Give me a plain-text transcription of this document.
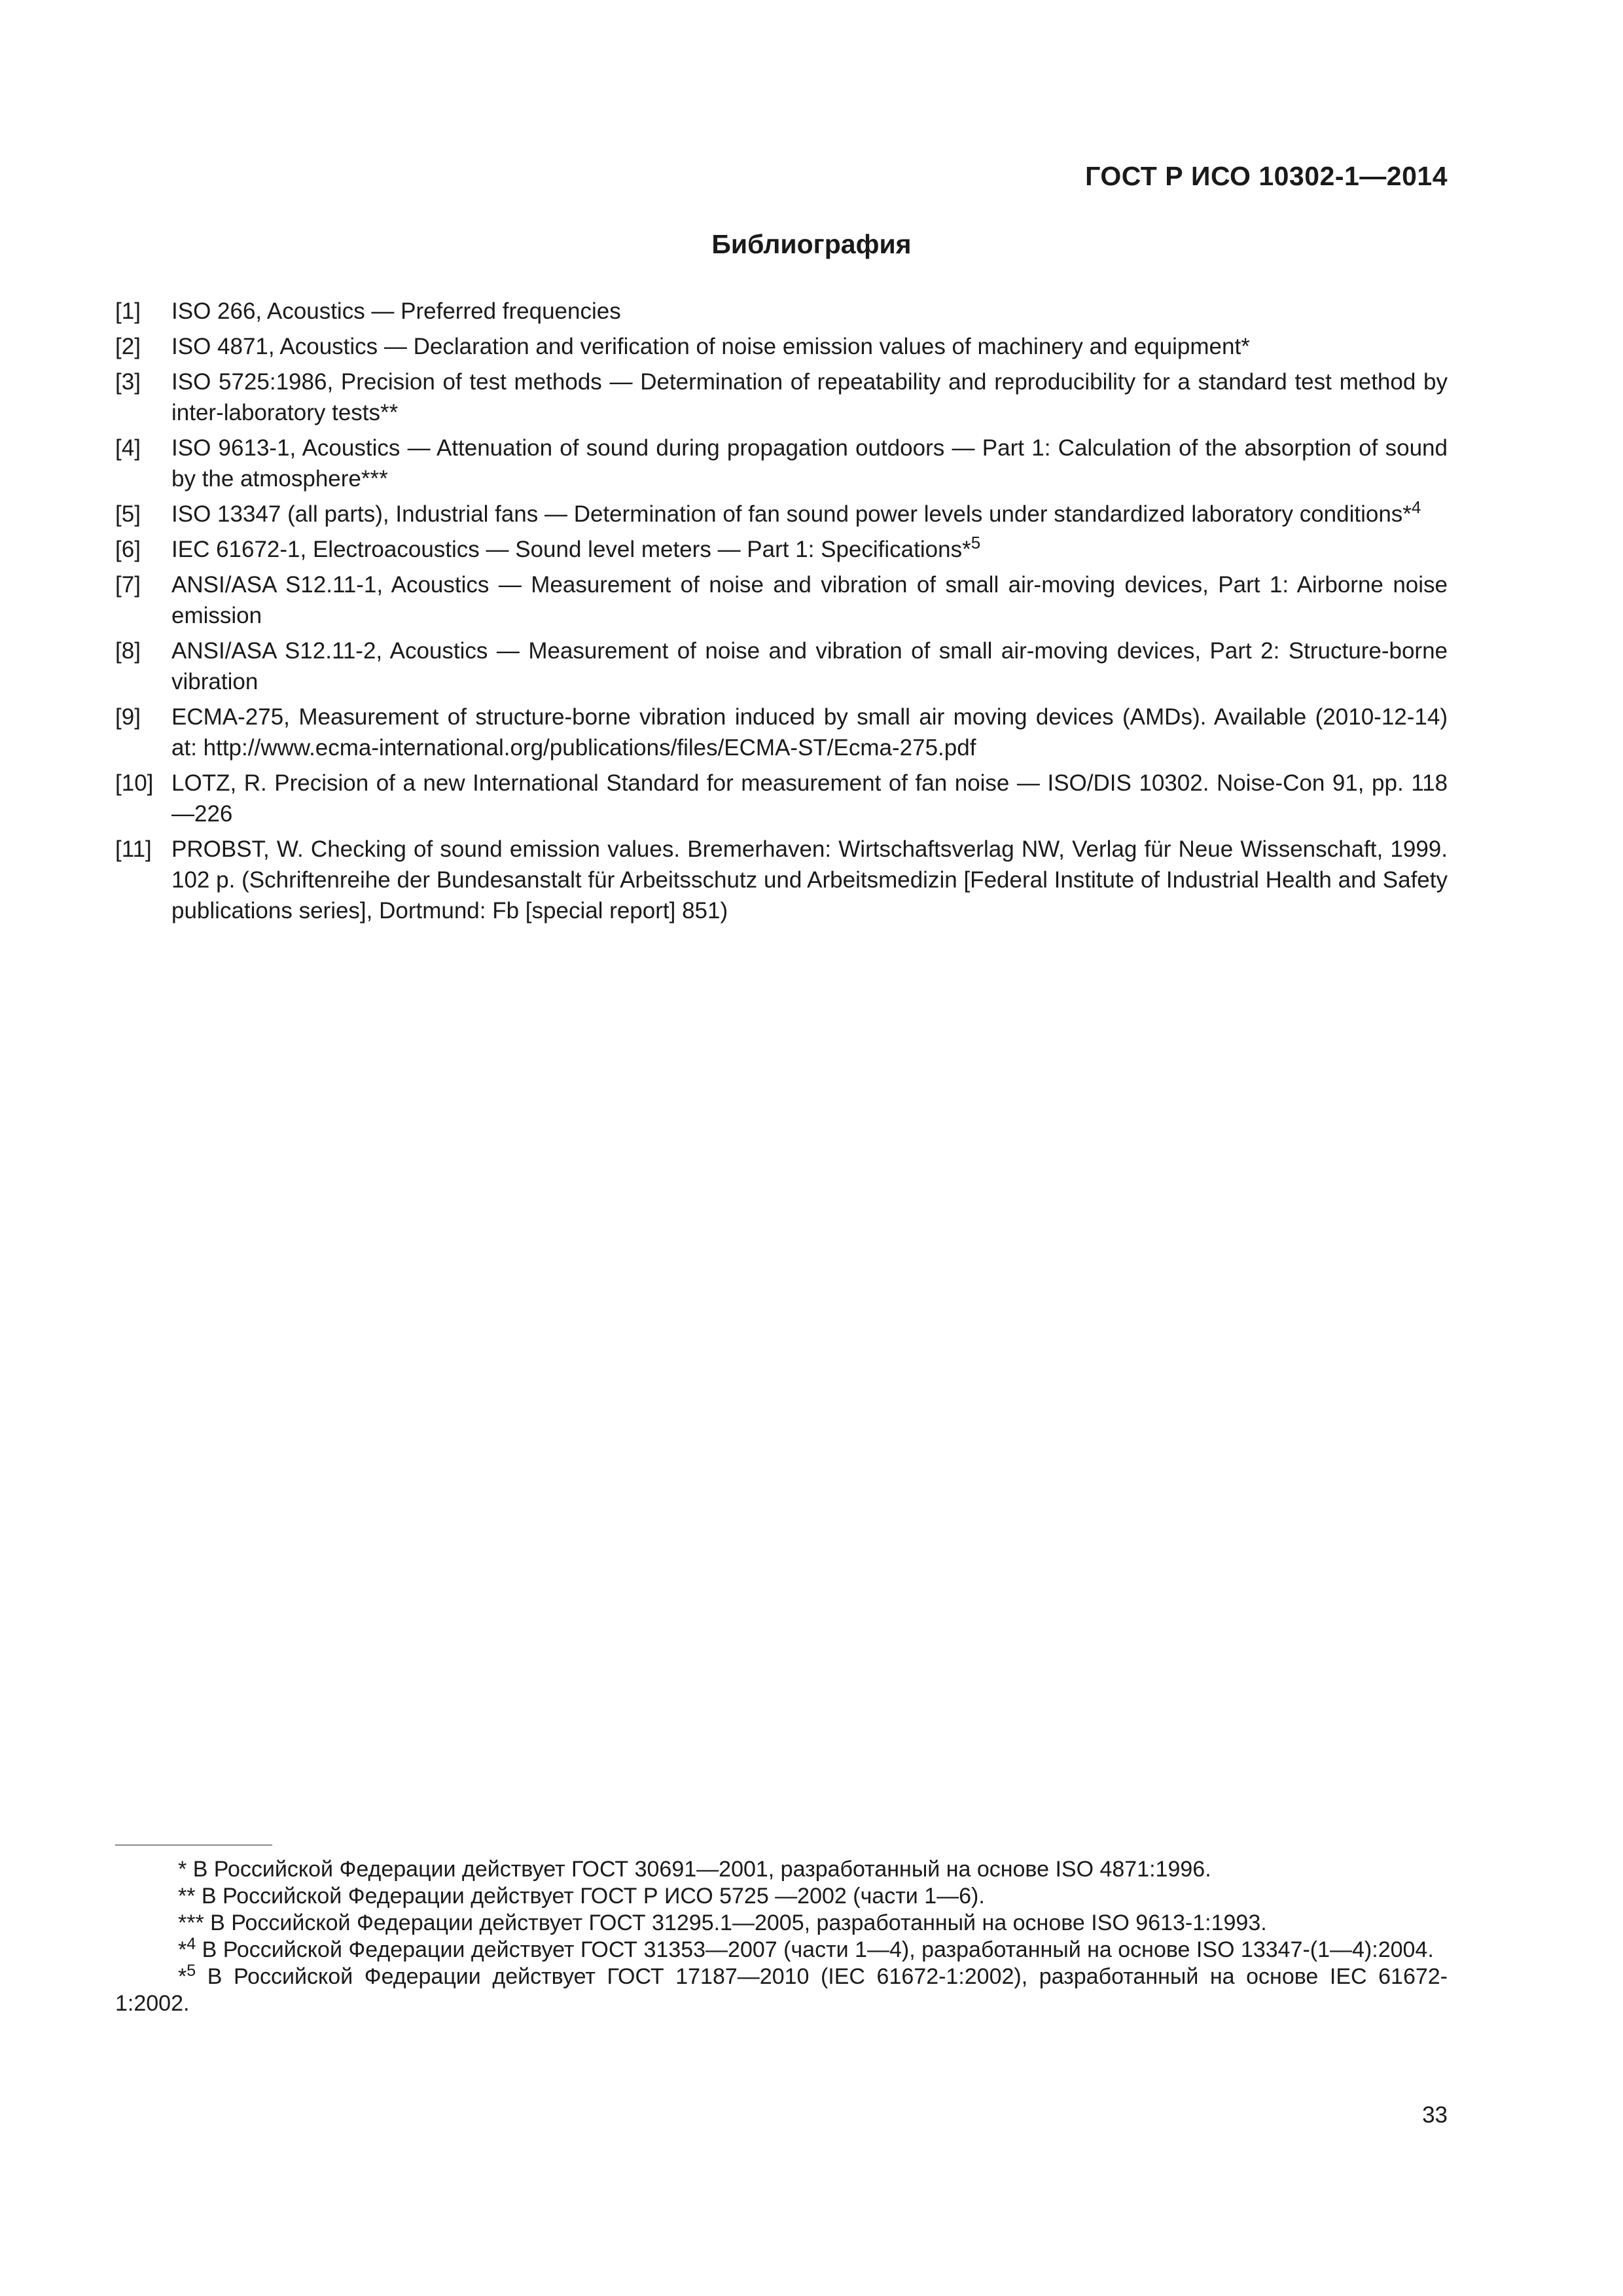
ГОСТ Р ИСО 10302-1—2014
Библиография
[1]	ISO 266, Acoustics — Preferred frequencies
[2]	ISO 4871, Acoustics — Declaration and verification of noise emission values of machinery and equipment*
[3]	ISO 5725:1986, Precision of test methods — Determination of repeatability and reproducibility for a standard test method by inter-laboratory tests**
[4]	ISO 9613-1, Acoustics — Attenuation of sound during propagation outdoors — Part 1: Calculation of the absorption of sound by the atmosphere***
[5]	ISO 13347 (all parts), Industrial fans — Determination of fan sound power levels under standardized laboratory conditions*$^4$
[6]	IEC 61672-1, Electroacoustics — Sound level meters — Part 1: Specifications*$^5$
[7]	ANSI/ASA S12.11-1, Acoustics — Measurement of noise and vibration of small air-moving devices, Part 1: Airborne noise emission
[8]	ANSI/ASA S12.11-2, Acoustics — Measurement of noise and vibration of small air-moving devices, Part 2: Structure-borne vibration
[9]	ECMA-275, Measurement of structure-borne vibration induced by small air moving devices (AMDs). Available (2010-12-14) at: http://www.ecma-international.org/publications/files/ECMA-ST/Ecma-275.pdf
[10] LOTZ, R. Precision of a new International Standard for measurement of fan noise — ISO/DIS 10302. Noise-Con 91, pp. 118—226
[11] PROBST, W. Checking of sound emission values. Bremerhaven: Wirtschaftsverlag NW, Verlag für Neue Wissenschaft, 1999. 102 p. (Schriftenreihe der Bundesanstalt für Arbeitsschutz und Arbeitsmedizin [Federal Institute of Industrial Health and Safety publications series], Dortmund: Fb [special report] 851)

* В Российской Федерации действует ГОСТ 30691—2001, разработанный на основе ISO 4871:1996.

** В Российской Федерации действует ГОСТ Р ИСО 5725 —2002 (части 1—6).

*** В Российской Федерации действует ГОСТ 31295.1—2005, разработанный на основе ISO 9613-1:1993.

*$^4$ В Российской Федерации действует ГОСТ 31353—2007 (части 1—4), разработанный на основе ISO 13347-(1—4):2004.

*$^5$ В Российской Федерации действует ГОСТ 17187—2010 (IEC 61672-1:2002), разработанный на основе IEC 61672-1:2002.

33
